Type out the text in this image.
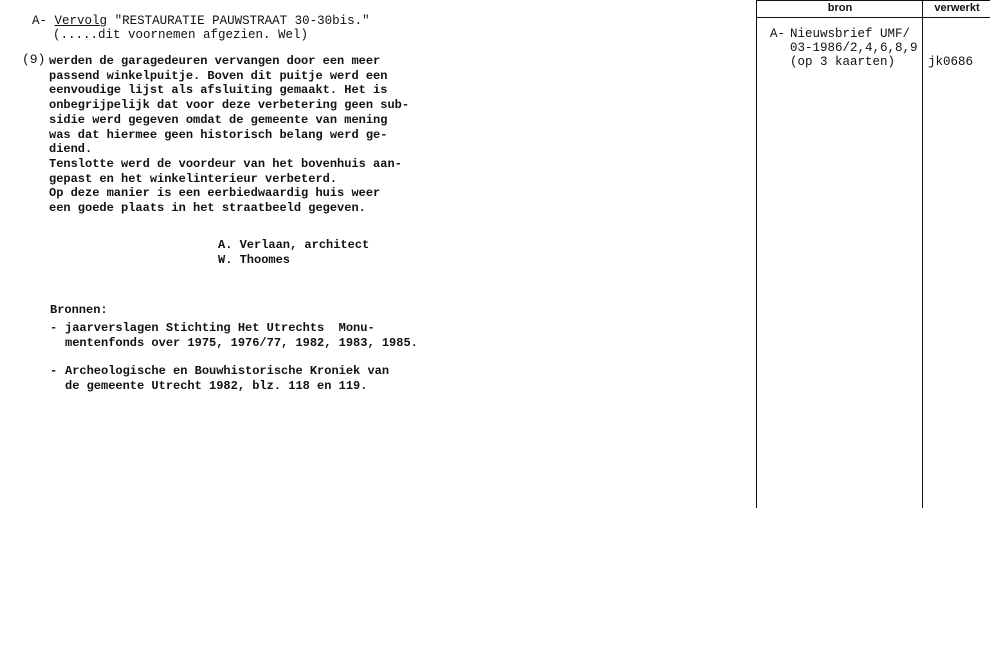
A- Vervolg "RESTAURATIE PAUWSTRAAT 30-30bis."
(.....dit voornemen afgezien. Wel)
(9) werden de garagedeuren vervangen door een meer
passend winkelpuitje. Boven dit puitje werd een
eenvoudige lijst als afsluiting gemaakt. Het is
onbegrijpelijk dat voor deze verbetering geen sub-
sidie werd gegeven omdat de gemeente van mening
was dat hiermee geen historisch belang werd ge-
diend.
Tenslotte werd de voordeur van het bovenhuis aan-
gepast en het winkelinterieur verbeterd.
Op deze manier is een eerbiedwaardig huis weer
een goede plaats in het straatbeeld gegeven.
A. Verlaan, architect
W. Thoomes
Bronnen:
- jaarverslagen Stichting Het Utrechts  Monu-
mentenfonds over 1975, 1976/77, 1982, 1983, 1985.
- Archeologische en Bouwhistorische Kroniek van
de gemeente Utrecht 1982, blz. 118 en 119.
bron	verwerkt
A- Nieuwsbrief UMF/
03-1986/2,4,6,8,9
(op 3 kaarten)	jk0686
